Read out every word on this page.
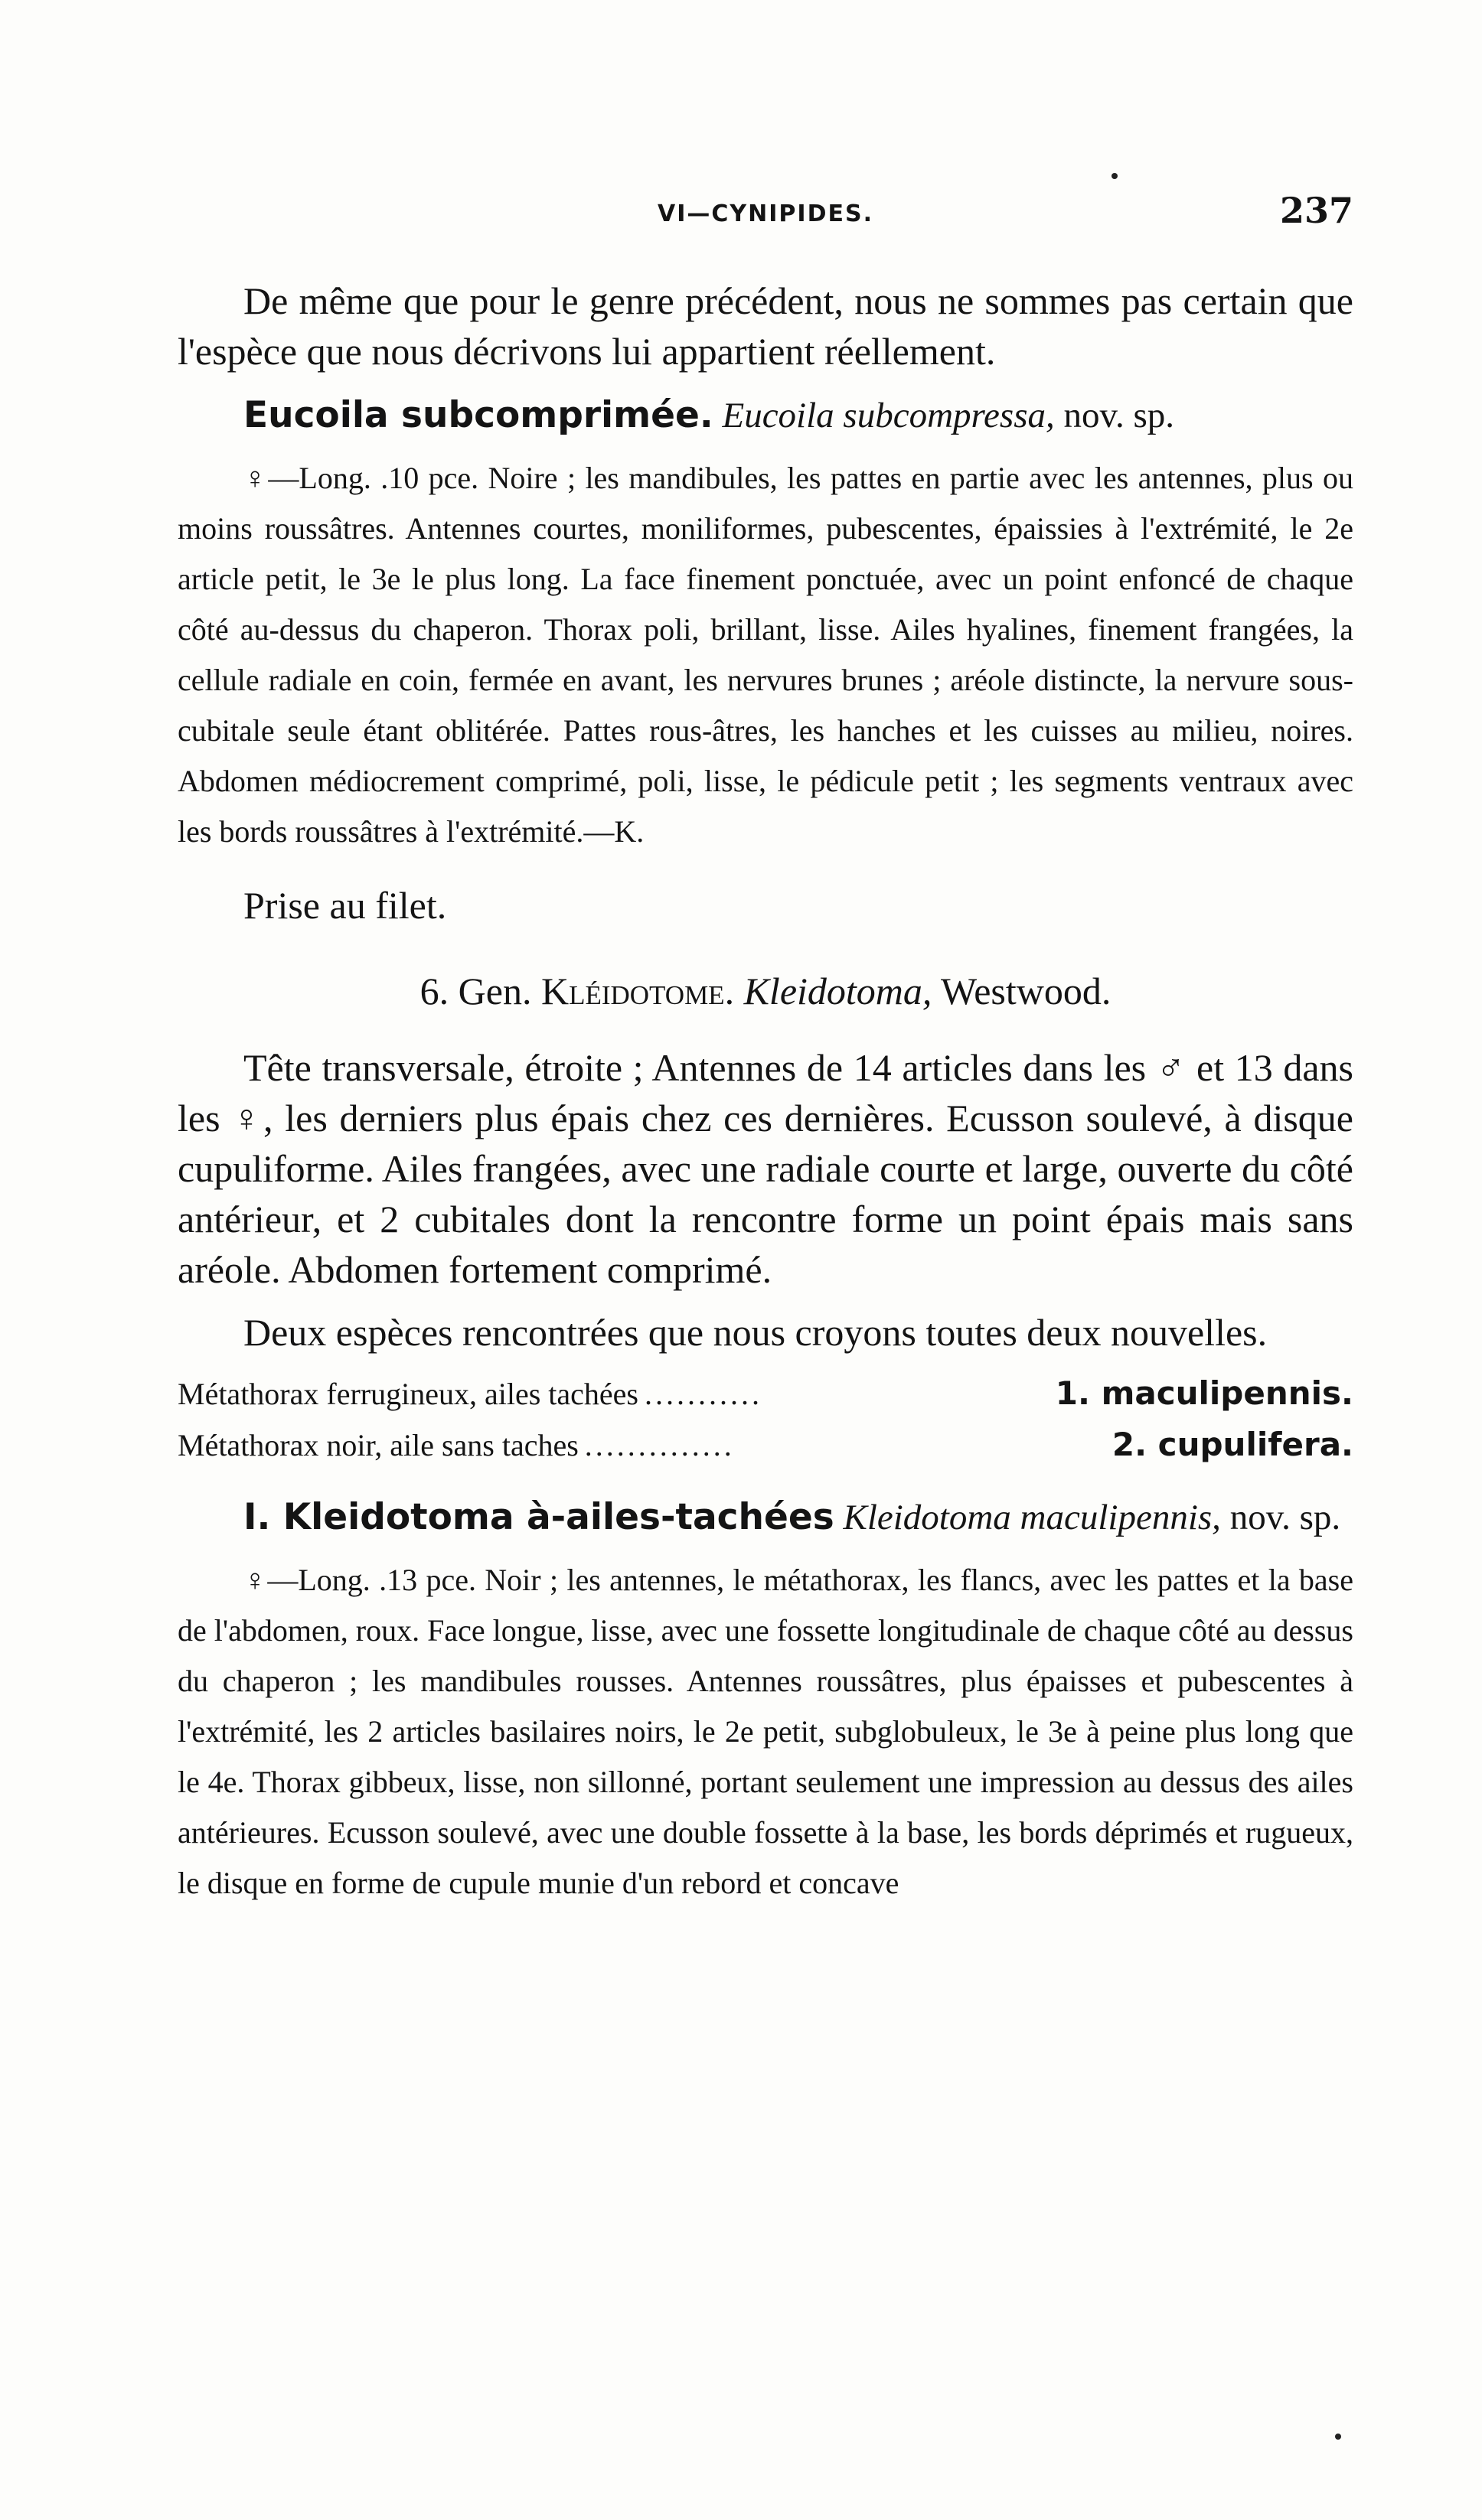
VI—CYNIPIDES.	237

De même que pour le genre précédent, nous ne sommes pas certain que l'espèce que nous décrivons lui appartient réellement.

Eucoila subcomprimée. Eucoila subcompressa, nov. sp.

♀—Long. .10 pce. Noire ; les mandibules, les pattes en partie avec les antennes, plus ou moins roussâtres. Antennes courtes, moniliformes, pubescentes, épaissies à l'extrémité, le 2e article petit, le 3e le plus long. La face finement ponctuée, avec un point enfoncé de chaque côté au-dessus du chaperon. Thorax poli, brillant, lisse. Ailes hyalines, finement frangées, la cellule radiale en coin, fermée en avant, les nervures brunes ; aréole distincte, la nervure sous-cubitale seule étant oblitérée. Pattes rous-âtres, les hanches et les cuisses au milieu, noires. Abdomen médiocrement comprimé, poli, lisse, le pédicule petit ; les segments ventraux avec les bords roussâtres à l'extrémité.—K.

Prise au filet.

6. Gen. Kléidotome. Kleidotoma, Westwood.

Tête transversale, étroite ; Antennes de 14 articles dans les ♂ et 13 dans les ♀, les derniers plus épais chez ces dernières. Ecusson soulevé, à disque cupuliforme. Ailes frangées, avec une radiale courte et large, ouverte du côté antérieur, et 2 cubitales dont la rencontre forme un point épais mais sans aréole. Abdomen fortement comprimé.

Deux espèces rencontrées que nous croyons toutes deux nouvelles.

Métathorax ferrugineux, ailes tachées ...........	1. maculipennis.
Métathorax noir, aile sans taches ..............	2. cupulifera.

I. Kleidotoma à-ailes-tachées Kleidotoma maculipennis, nov. sp.

♀—Long. .13 pce. Noir ; les antennes, le métathorax, les flancs, avec les pattes et la base de l'abdomen, roux. Face longue, lisse, avec une fossette longitudinale de chaque côté au dessus du chaperon ; les mandibules rousses. Antennes roussâtres, plus épaisses et pubescentes à l'extrémité, les 2 articles basilaires noirs, le 2e petit, subglobuleux, le 3e à peine plus long que le 4e. Thorax gibbeux, lisse, non sillonné, portant seulement une impression au dessus des ailes antérieures. Ecusson soulevé, avec une double fossette à la base, les bords déprimés et rugueux, le disque en forme de cupule munie d'un rebord et concave
